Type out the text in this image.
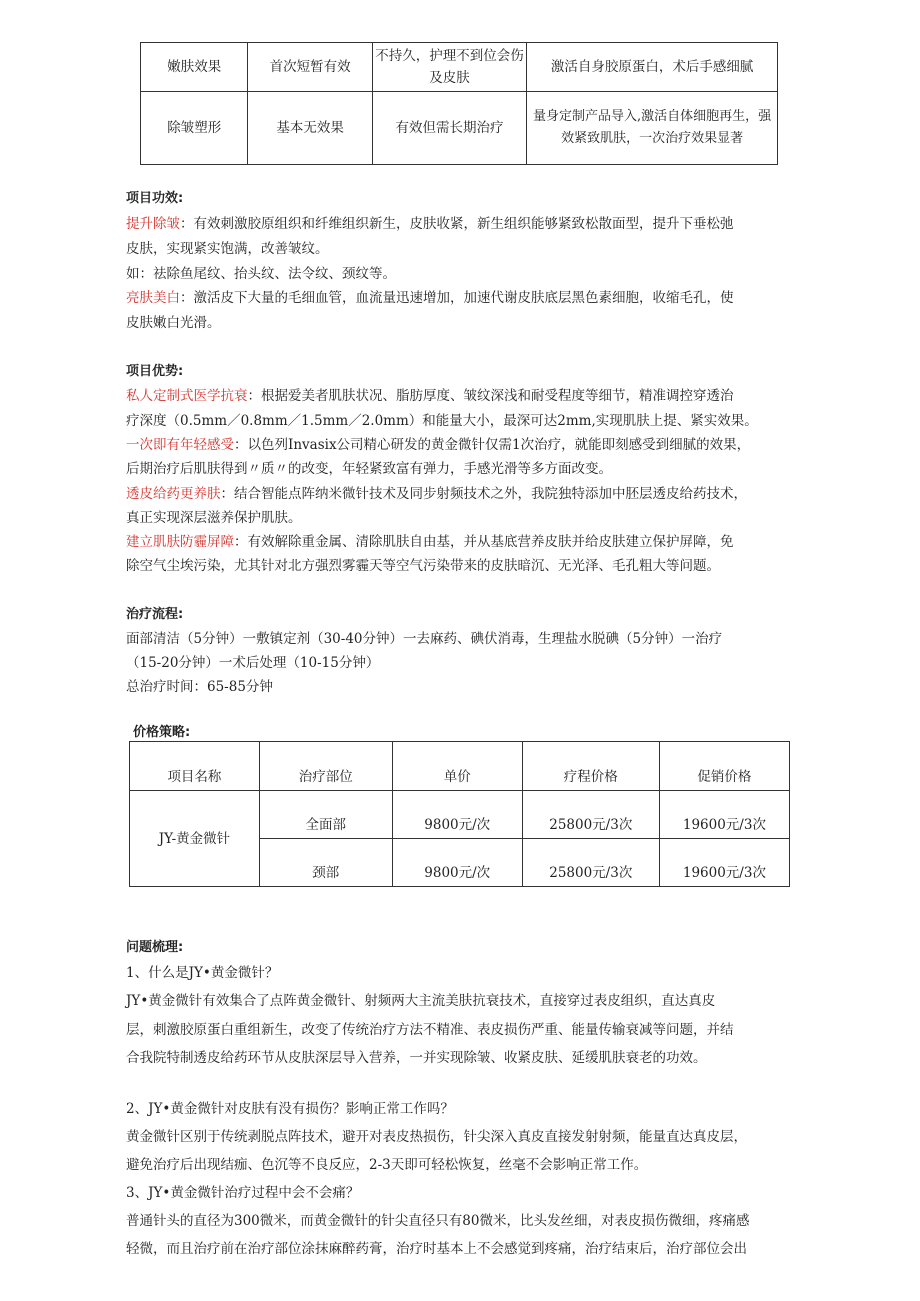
嫩肤效果	首次短暂有效	不持久，护理不到位会伤及皮肤	激活自身胶原蛋白，术后手感细腻
除皱塑形	基本无效果	有效但需长期治疗	量身定制产品导入,激活自体细胞再生，强效紧致肌肤，一次治疗效果显著
项目功效:
提升除皱：有效刺激胶原组织和纤维组织新生，皮肤收紧，新生组织能够紧致松散面型，提升下垂松弛
皮肤，实现紧实饱满，改善皱纹。
如：祛除鱼尾纹、抬头纹、法令纹、颈纹等。
亮肤美白：激活皮下大量的毛细血管，血流量迅速增加，加速代谢皮肤底层黑色素细胞，收缩毛孔，使
皮肤嫩白光滑。
项目优势:
私人定制式医学抗衰：根据爱美者肌肤状况、脂肪厚度、皱纹深浅和耐受程度等细节，精准调控穿透治
疗深度（0.5mm／0.8mm／1.5mm／2.0mm）和能量大小，最深可达2mm,实现肌肤上提、紧实效果。
一次即有年轻感受：以色列Invasix公司精心研发的黄金微针仅需1次治疗，就能即刻感受到细腻的效果，
后期治疗后肌肤得到〃质〃的改变，年轻紧致富有弹力，手感光滑等多方面改变。
透皮给药更养肤：结合智能点阵纳米微针技术及同步射频技术之外，我院独特添加中胚层透皮给药技术，
真正实现深层滋养保护肌肤。
建立肌肤防霾屏障：有效解除重金属、清除肌肤自由基，并从基底营养皮肤并给皮肤建立保护屏障，免
除空气尘埃污染，尤其针对北方强烈雾霾天等空气污染带来的皮肤暗沉、无光泽、毛孔粗大等问题。
治疗流程:
面部清洁（5分钟）一敷镇定剂（30-40分钟）一去麻药、碘伏消毒，生理盐水脱碘（5分钟）一治疗
（15-20分钟）一术后处理（10-15分钟）
总治疗时间：65-85分钟
价格策略:
项目名称	治疗部位	单价	疗程价格	促销价格
JY-黄金微针	全面部	9800元/次	25800元/3次	19600元/3次
	颈部	9800元/次	25800元/3次	19600元/3次
问题梳理:
1、什么是JY•黄金微针？
JY•黄金微针有效集合了点阵黄金微针、射频两大主流美肤抗衰技术，直接穿过表皮组织，直达真皮
层，刺激胶原蛋白重组新生，改变了传统治疗方法不精准、表皮损伤严重、能量传输衰减等问题，并结
合我院特制透皮给药环节从皮肤深层导入营养，一并实现除皱、收紧皮肤、延缓肌肤衰老的功效。
2、JY•黄金微针对皮肤有没有损伤？影响正常工作吗？
黄金微针区别于传统剥脱点阵技术，避开对表皮热损伤，针尖深入真皮直接发射射频，能量直达真皮层，
避免治疗后出现结痂、色沉等不良反应，2-3天即可轻松恢复，丝毫不会影响正常工作。
3、JY•黄金微针治疗过程中会不会痛？
普通针头的直径为300微米，而黄金微针的针尖直径只有80微米，比头发丝细，对表皮损伤微细，疼痛感
轻微，而且治疗前在治疗部位涂抹麻醉药膏，治疗时基本上不会感觉到疼痛，治疗结束后，治疗部位会出
